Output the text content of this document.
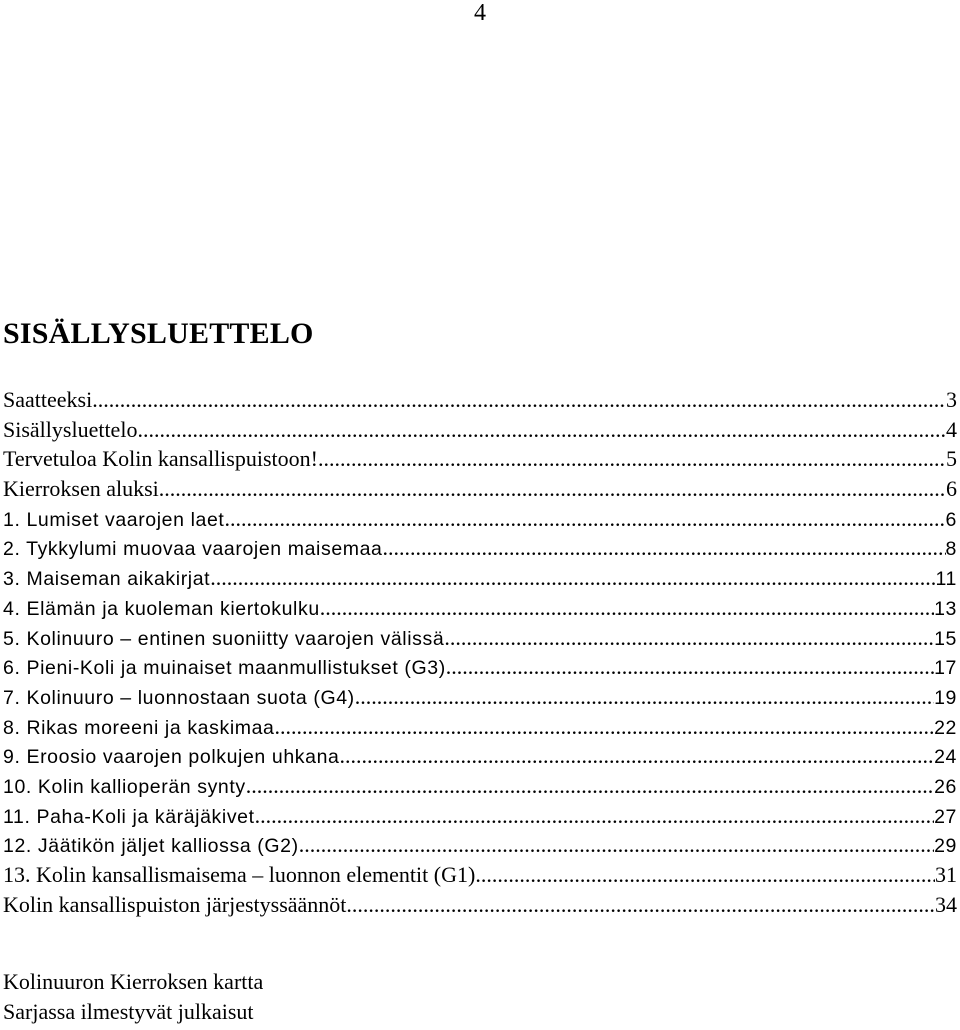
4
SISÄLLYSLUETTELO
Saatteeksi .....	3
Sisällysluettelo .....	4
Tervetuloa Kolin kansallispuistoon! .....	5
Kierroksen aluksi .....	6
1. Lumiset vaarojen laet .....	6
2. Tykkylumi muovaa vaarojen maisemaa .....	8
3. Maiseman aikakirjat .....	11
4. Elämän ja kuoleman kiertokulku .....	13
5. Kolinuuro – entinen suoniitty vaarojen välissä .....	15
6. Pieni-Koli ja muinaiset maanmullistukset (G3) .....	17
7. Kolinuuro – luonnostaan suota (G4) .....	19
8. Rikas moreeni ja kaskimaa .....	22
9. Eroosio vaarojen polkujen uhkana .....	24
10. Kolin kallioperän synty .....	26
11. Paha-Koli ja käräjäkivet .....	27
12. Jäätikön jäljet kalliossa (G2) .....	29
13. Kolin kansallismaisema – luonnon elementit (G1) .....	31
Kolin kansallispuiston järjestyssäännöt .....	34
Kolinuuron Kierroksen kartta
Sarjassa ilmestyvät julkaisut
